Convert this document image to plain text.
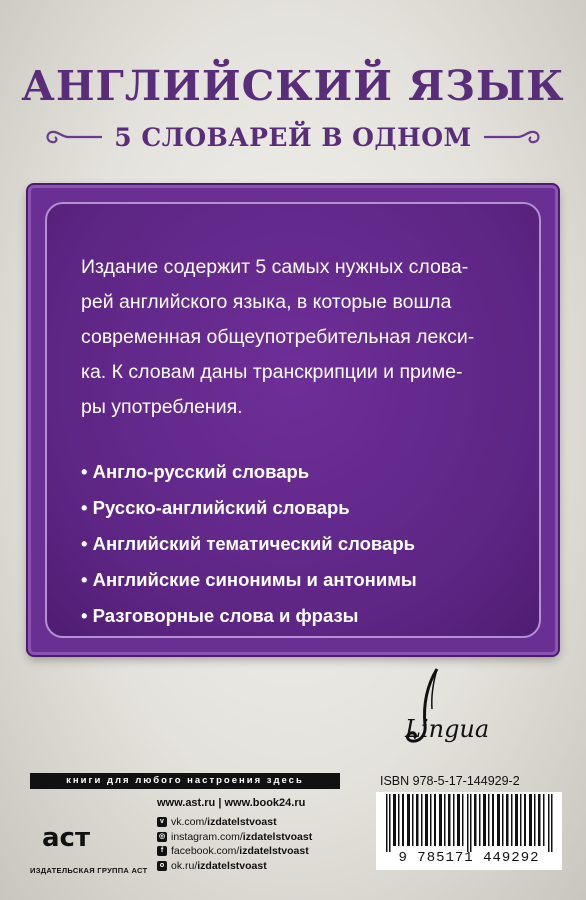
АНГЛИЙСКИЙ ЯЗЫК
5 СЛОВАРЕЙ В ОДНОМ
Издание содержит 5 самых нужных слова-
рей английского языка, в которые вошла
современная общеупотребительная лекси-
ка. К словам даны транскрипции и приме-
ры употребления.
• Англо-русский словарь
• Русско-английский словарь
• Английский тематический словарь
• Английские синонимы и антонимы
• Разговорные слова и фразы
Lingua
книги для любого настроения здесь	ISBN 978-5-17-144929-2
9 785171 449292
аст
ИЗДАТЕЛЬСКАЯ ГРУППА АСТ
www.ast.ru | www.book24.ru
v vk.com/ izdatelstvoast
◎ instagram.com/ izdatelstvoast
f facebook.com/ izdatelstvoast
o ok.ru/ izdatelstvoast
